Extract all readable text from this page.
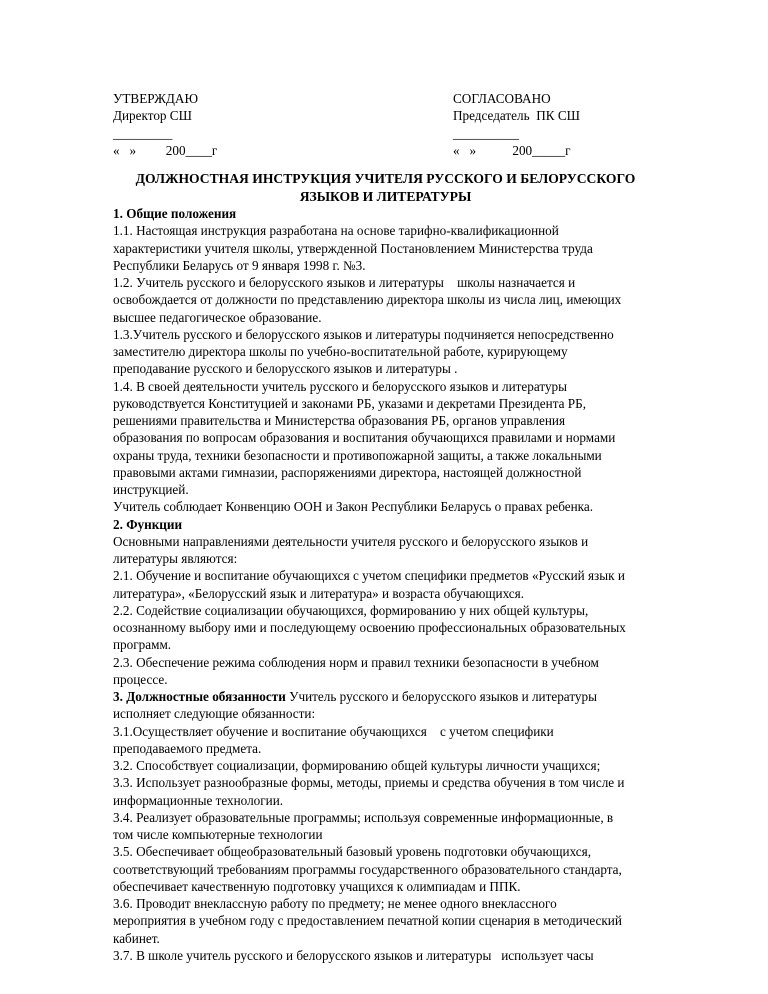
УТВЕРЖДАЮ
Директор СШ
_________
«   »         200____г
СОГЛАСОВАНО
Председатель  ПК СШ
__________
«   »           200_____г
ДОЛЖНОСТНАЯ ИНСТРУКЦИЯ УЧИТЕЛЯ РУССКОГО И БЕЛОРУССКОГО
ЯЗЫКОВ И ЛИТЕРАТУРЫ
1. Общие положения
1.1. Настоящая инструкция разработана на основе тарифно-квалификационной
характеристики учителя школы, утвержденной Постановлением Министерства труда
Республики Беларусь от 9 января 1998 г. №3.
1.2. Учитель русского и белорусского языков и литературы    школы назначается и
освобождается от должности по представлению директора школы из числа лиц, имеющих
высшее педагогическое образование.
1.3.Учитель русского и белорусского языков и литературы подчиняется непосредственно
заместителю директора школы по учебно-воспитательной работе, курирующему
преподавание русского и белорусского языков и литературы .
1.4. В своей деятельности учитель русского и белорусского языков и литературы
руководствуется Конституцией и законами РБ, указами и декретами Президента РБ,
решениями правительства и Министерства образования РБ, органов управления
образования по вопросам образования и воспитания обучающихся правилами и нормами
охраны труда, техники безопасности и противопожарной защиты, а также локальными
правовыми актами гимназии, распоряжениями директора, настоящей должностной
инструкцией.
Учитель соблюдает Конвенцию ООН и Закон Республики Беларусь о правах ребенка.
2. Функции
Основными направлениями деятельности учителя русского и белорусского языков и
литературы являются:
2.1. Обучение и воспитание обучающихся с учетом специфики предметов «Русский язык и
литература», «Белорусский язык и литература» и возраста обучающихся.
2.2. Содействие социализации обучающихся, формированию у них общей культуры,
осознанному выбору ими и последующему освоению профессиональных образовательных
программ.
2.3. Обеспечение режима соблюдения норм и правил техники безопасности в учебном
процессе.
3. Должностные обязанности Учитель русского и белорусского языков и литературы
исполняет следующие обязанности:
3.1.Осуществляет обучение и воспитание обучающихся    с учетом специфики
преподаваемого предмета.
3.2. Способствует социализации, формированию общей культуры личности учащихся;
3.3. Использует разнообразные формы, методы, приемы и средства обучения в том числе и
информационные технологии.
3.4. Реализует образовательные программы; используя современные информационные, в
том числе компьютерные технологии
3.5. Обеспечивает общеобразовательный базовый уровень подготовки обучающихся,
соответствующий требованиям программы государственного образовательного стандарта,
обеспечивает качественную подготовку учащихся к олимпиадам и ППК.
3.6. Проводит внеклассную работу по предмету; не менее одного внеклассного
мероприятия в учебном году с предоставлением печатной копии сценария в методический
кабинет.
3.7. В школе учитель русского и белорусского языков и литературы   использует часы
